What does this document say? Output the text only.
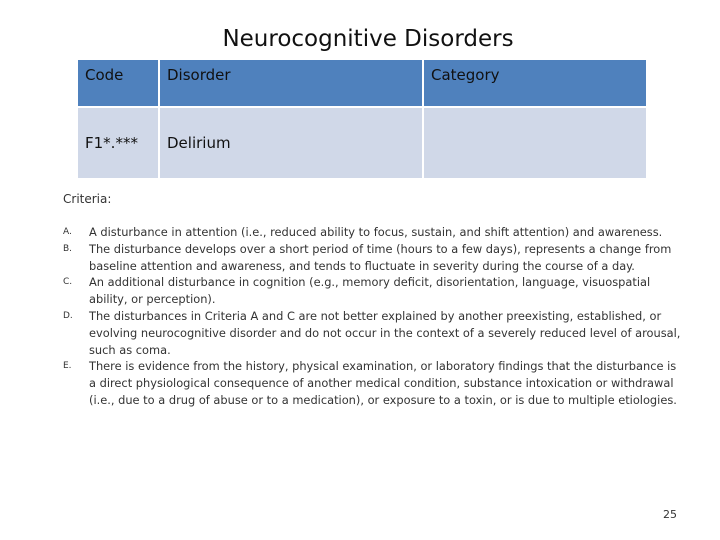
Neurocognitive Disorders
Code	Disorder	Category
F1*.***	Delirium
Criteria:
A.	A disturbance in attention (i.e., reduced ability to focus, sustain, and shift attention) and awareness.
B.	The disturbance develops over a short period of time (hours to a few days), represents a change from baseline attention and awareness, and tends to fluctuate in severity during the course of a day.
C.	An additional disturbance in cognition (e.g., memory deficit, disorientation, language, visuospatial ability, or perception).
D.	The disturbances in Criteria A and C are not better explained by another preexisting, established, or evolving neurocognitive disorder and do not occur in the context of a severely reduced level of arousal, such as coma.
E.	There is evidence from the history, physical examination, or laboratory findings that the disturbance is a direct physiological consequence of another medical condition, substance intoxication or withdrawal (i.e., due to a drug of abuse or to a medication), or exposure to a toxin, or is due to multiple etiologies.
25
